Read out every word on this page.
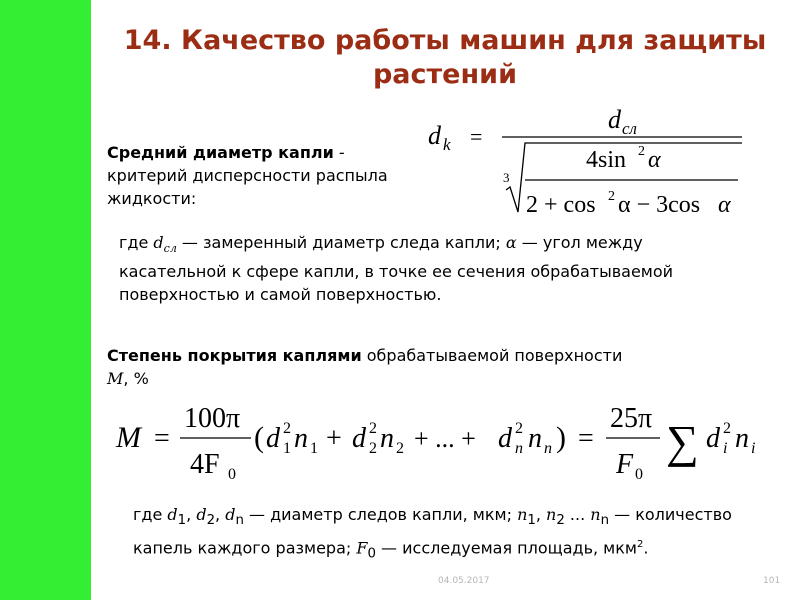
14. Качество работы машин для защиты растений
Средний диаметр капли - критерий дисперсности распыла жидкости:
d k =
d сл
3
4sin 2 α
2 + cos 2 α − 3cos α
где $d_{сл}$ — замеренный диаметр следа капли; α — угол между касательной к сфере капли, в точке ее сечения обрабатываемой поверхностью и самой поверхностью.
Степень покрытия каплями обрабатываемой поверхности
M, %
M =
100π
4F 0
( d 2
1 n 1 + d 2
2 n 2 + ... + d 2
n n n ) =
25π
F 0
∑ d 2
i n i
где $d_1$, $d_2$, $d_n$ — диаметр следов капли, мкм; $n_1$, $n_2$ ... $n_n$ — количество капель каждого размера; $F_0$ — исследуемая площадь, мкм$^2$.
04.05.2017	101
